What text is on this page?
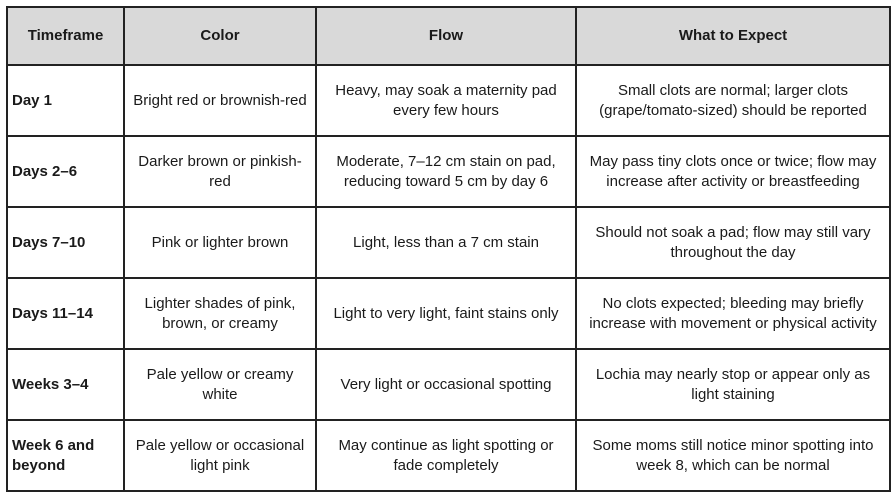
Timeframe	Color	Flow	What to Expect
Day 1	Bright red or brownish-red	Heavy, may soak a maternity pad every few hours	Small clots are normal; larger clots (grape/tomato-sized) should be reported
Days 2–6	Darker brown or pinkish-red	Moderate, 7–12 cm stain on pad, reducing toward 5 cm by day 6	May pass tiny clots once or twice; flow may increase after activity or breastfeeding
Days 7–10	Pink or lighter brown	Light, less than a 7 cm stain	Should not soak a pad; flow may still vary throughout the day
Days 11–14	Lighter shades of pink, brown, or creamy	Light to very light, faint stains only	No clots expected; bleeding may briefly increase with movement or physical activity
Weeks 3–4	Pale yellow or creamy white	Very light or occasional spotting	Lochia may nearly stop or appear only as light staining
Week 6 and beyond	Pale yellow or occasional light pink	May continue as light spotting or fade completely	Some moms still notice minor spotting into week 8, which can be normal
